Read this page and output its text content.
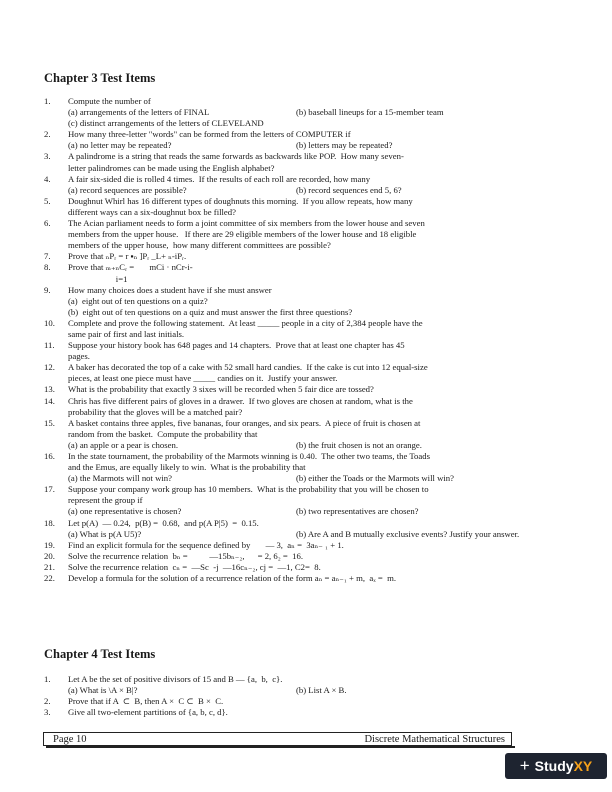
Chapter 3 Test Items
1.	Compute the number of
(a) arrangements of the letters of FINAL	(b) baseball lineups for a 15-member team
(c) distinct arrangements of the letters of CLEVELAND
2.	How many three-letter "words" can be formed from the letters of COMPUTER if
(a) no letter may be repeated?	(b) letters may be repeated?
3.	A palindrome is a string that reads the same forwards as backwards like POP.  How many seven-
letter palindromes can be made using the English alphabet?
4.	A fair six-sided die is rolled 4 times.  If the results of each roll are recorded, how many
(a) record sequences are possible?	(b) record sequences end 5, 6?
5.	Doughnut Whirl has 16 different types of doughnuts this morning.  If you allow repeats, how many
different ways can a six-doughnut box be filled?
6.	The Acian parliament needs to form a joint committee of six members from the lower house and seven
members from the upper house.   If there are 29 eligible members of the lower house and 18 eligible
members of the upper house,  how many different committees are possible?
7.	Prove that ₙPᵣ = r ▪ₙ ]Pᵣ _L+ ₙ-iPᵣ.
8.	Prove that ₘ₊ₙCᵣ =       mCi · nCr-i-
i=1
9.	How many choices does a student have if she must answer
(a)  eight out of ten questions on a quiz?
(b)  eight out of ten questions on a quiz and must answer the first three questions?
10.	Complete and prove the following statement.  At least _____ people in a city of 2,384 people have the
same pair of first and last initials.
11.	Suppose your history book has 648 pages and 14 chapters.  Prove that at least one chapter has 45
pages.
12.	A baker has decorated the top of a cake with 52 small hard candies.  If the cake is cut into 12 equal-size
pieces, at least one piece must have _____ candies on it.  Justify your answer.
13.	What is the probability that exactly 3 sixes will be recorded when 5 fair dice are tossed?
14.	Chris has five different pairs of gloves in a drawer.  If two gloves are chosen at random, what is the
probability that the gloves will be a matched pair?
15.	A basket contains three apples, five bananas, four oranges, and six pears.  A piece of fruit is chosen at
random from the basket.  Compute the probability that
(a) an apple or a pear is chosen.	(b) the fruit chosen is not an orange.
16.	In the state tournament, the probability of the Marmots winning is 0.40.  The other two teams, the Toads
and the Emus, are equally likely to win.  What is the probability that
(a) the Marmots will not win?	(b) either the Toads or the Marmots will win?
17.	Suppose your company work group has 10 members.  What is the probability that you will be chosen to
represent the group if
(a) one representative is chosen?	(b) two representatives are chosen?
18.	Let p(A)  — 0.24,  p(B) =  0.68,  and p(A P|5)  =  0.15.
(a) What is p(A U5)?	(b) Are A and B mutually exclusive events? Justify your answer.
19.	Find an explicit formula for the sequence defined by       — 3,  aₙ =  3aₙ₋ ₁ + 1.
20.	Solve the recurrence relation  bₙ =          —15bₙ₋₂,      = 2, 6₂ =  16.
21.	Solve the recurrence relation  cₙ =  —Sc  -j  —16cₙ₋₂, cj =  —1, C2=  8.
22.	Develop a formula for the solution of a recurrence relation of the form aₙ = aₙ₋₁ + m,  aₓ =  m.
Chapter 4 Test Items
1.	Let A be the set of positive divisors of 15 and B — {a,  b,  c}.
(a) What is \A × B|?	(b) List A × B.
2.	Prove that if A  ⊂  B, then A ×  C ⊂  B ×  C.
3.	Give all two-element partitions of {a, b, c, d}.
Page 10	Discrete Mathematical Structures
+ Study XY
